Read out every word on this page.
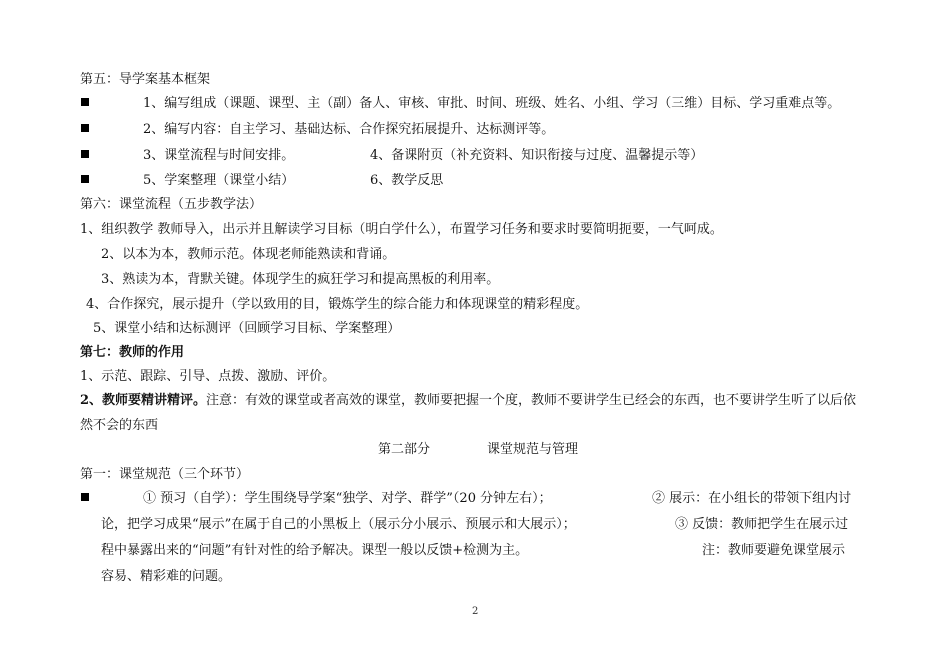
第五：导学案基本框架
1、编写组成（课题、课型、主（副）备人、审核、审批、时间、班级、姓名、小组、学习（三维）目标、学习重难点等。
2、编写内容：自主学习、基础达标、合作探究拓展提升、达标测评等。
3、课堂流程与时间安排。	4、备课附页（补充资料、知识衔接与过度、温馨提示等）
5、学案整理（课堂小结）	6、教学反思
第六：课堂流程（五步教学法）
1、组织教学 教师导入，出示并且解读学习目标（明白学什么），布置学习任务和要求时要简明扼要，一气呵成。
2、以本为本，教师示范。体现老师能熟读和背诵。
3、熟读为本，背默关键。体现学生的疯狂学习和提高黑板的利用率。
4、合作探究，展示提升（学以致用的目，锻炼学生的综合能力和体现课堂的精彩程度。
5、课堂小结和达标测评（回顾学习目标、学案整理）
第七：教师的作用
1、示范、跟踪、引导、点拨、激励、评价。
2、教师要精讲精评。注意：有效的课堂或者高效的课堂，教师要把握一个度，教师不要讲学生已经会的东西，也不要讲学生听了以后依
然不会的东西
第二部分	课堂规范与管理
第一：课堂规范（三个环节）
① 预习（自学）：学生围绕导学案“独学、对学、群学”（20 分钟左右）；	② 展示：在小组长的带领下组内讨
论，把学习成果“展示”在属于自己的小黑板上（展示分小展示、预展示和大展示）；	③ 反馈：教师把学生在展示过
程中暴露出来的“问题”有针对性的给予解决。课型一般以反馈+检测为主。	注：教师要避免课堂展示
容易、精彩难的问题。
2
